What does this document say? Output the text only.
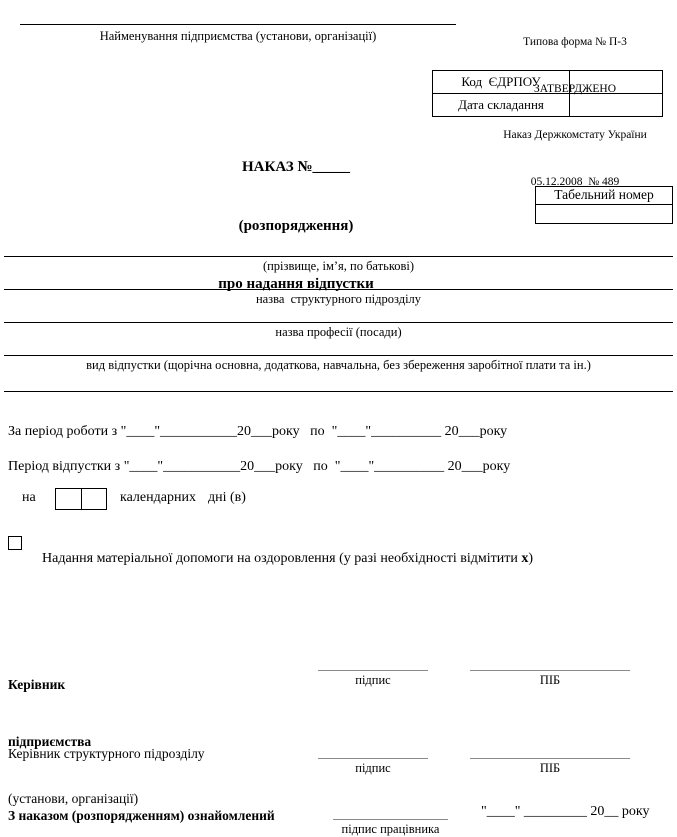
Найменування підприємства (установи, організації)

	Типова форма № П-3

ЗАТВЕРДЖЕНО

Наказ Держкомстату України

05.12.2008  № 489

Код  ЄДРПОУ	
Дата складання	

НАКАЗ №_____

(розпорядження)

про надання відпустки

Табельний номер
(прізвище, ім’я, по батькові)
назва  структурного підрозділу
назва професії (посади)
вид відпустки (щорічна основна, додаткова, навчальна, без збереження заробітної плати та ін.)
За період роботи з "____"___________20___року   по  "____"__________ 20___року
Період відпустки з "____"___________20___року   по  "____"__________ 20___року
на	календарних дні (в)

Надання матеріальної допомоги на оздоровлення (у разі необхідності відмітити x)

Керівник

підприємства

(установи, організації)

підпис	ПІБ
Керівник структурного підрозділу
підпис	ПІБ
З наказом (розпорядженням) ознайомлений
підпис працівника
"____" _________ 20__ року
